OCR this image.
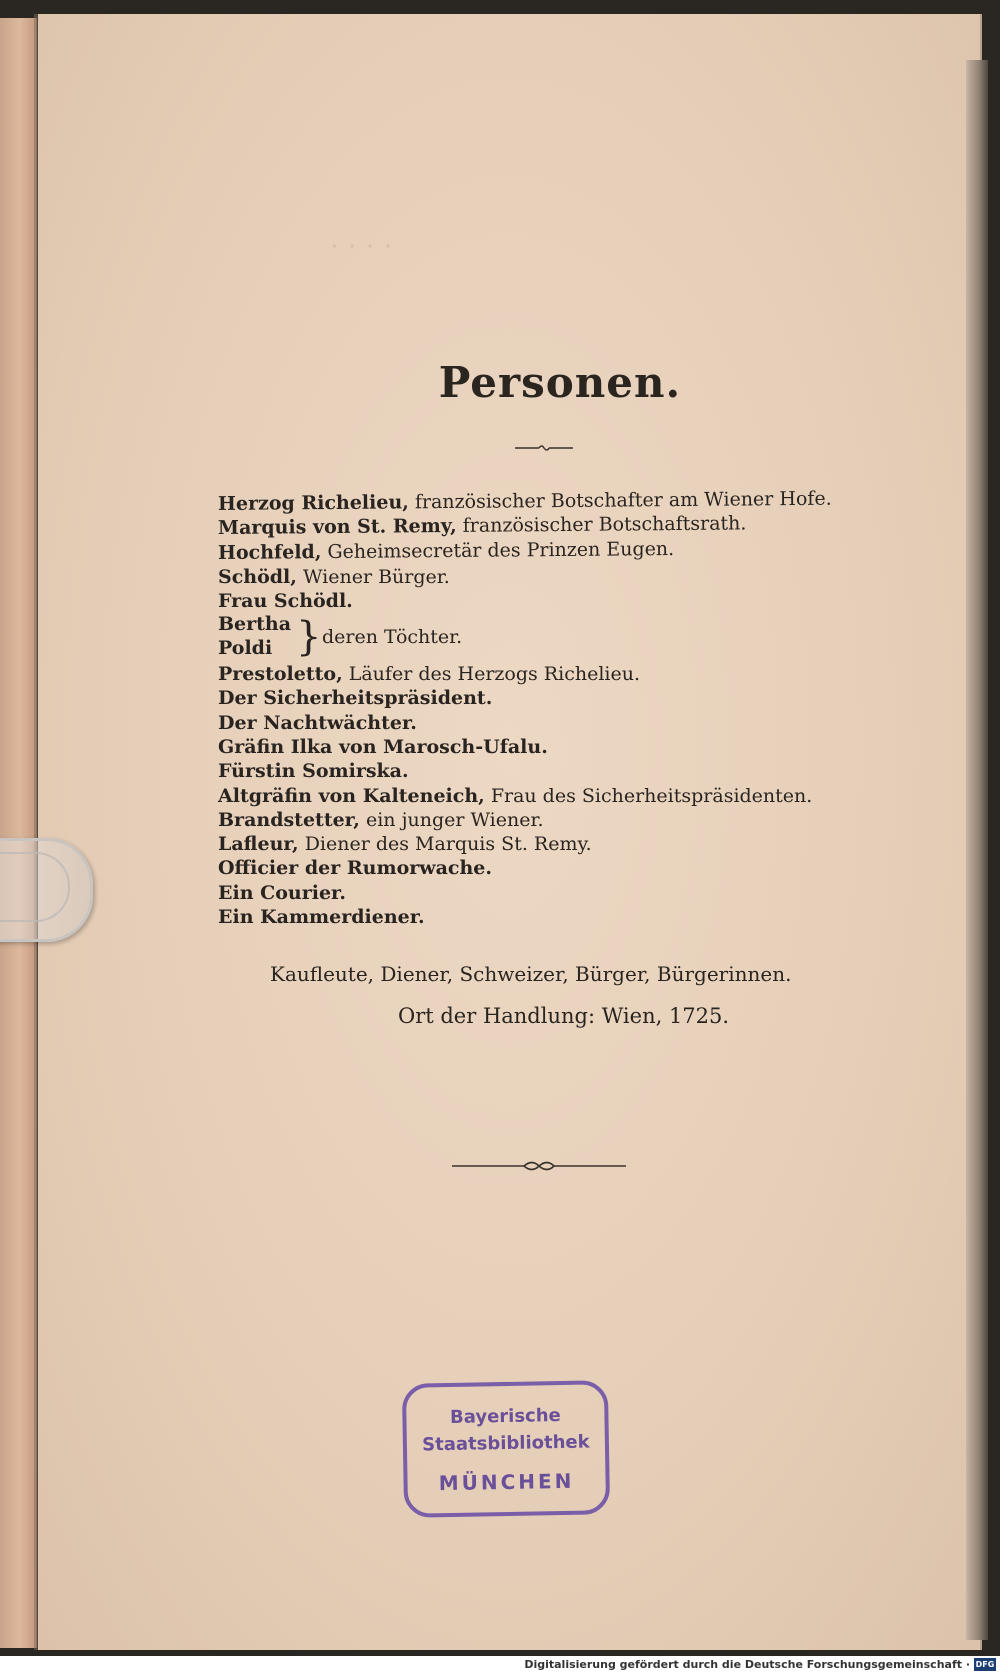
· · · ·
Personen.
Herzog Richelieu, französischer Botschafter am Wiener Hofe.
Marquis von St. Remy, französischer Botschaftsrath.
Hochfeld, Geheimsecretär des Prinzen Eugen.
Schödl, Wiener Bürger.
Frau Schödl.
Bertha
Poldi } deren Töchter.
Prestoletto, Läufer des Herzogs Richelieu.
Der Sicherheitspräsident.
Der Nachtwächter.
Gräfin Ilka von Marosch-Ufalu.
Fürstin Somirska.
Altgräfin von Kalteneich, Frau des Sicherheitspräsidenten.
Brandstetter, ein junger Wiener.
Lafleur, Diener des Marquis St. Remy.
Officier der Rumorwache.
Ein Courier.
Ein Kammerdiener.
Kaufleute, Diener, Schweizer, Bürger, Bürgerinnen.
Ort der Handlung: Wien, 1725.
Bayerische
Staatsbibliothek
MÜNCHEN
Digitalisierung gefördert durch die Deutsche Forschungsgemeinschaft · DFG
